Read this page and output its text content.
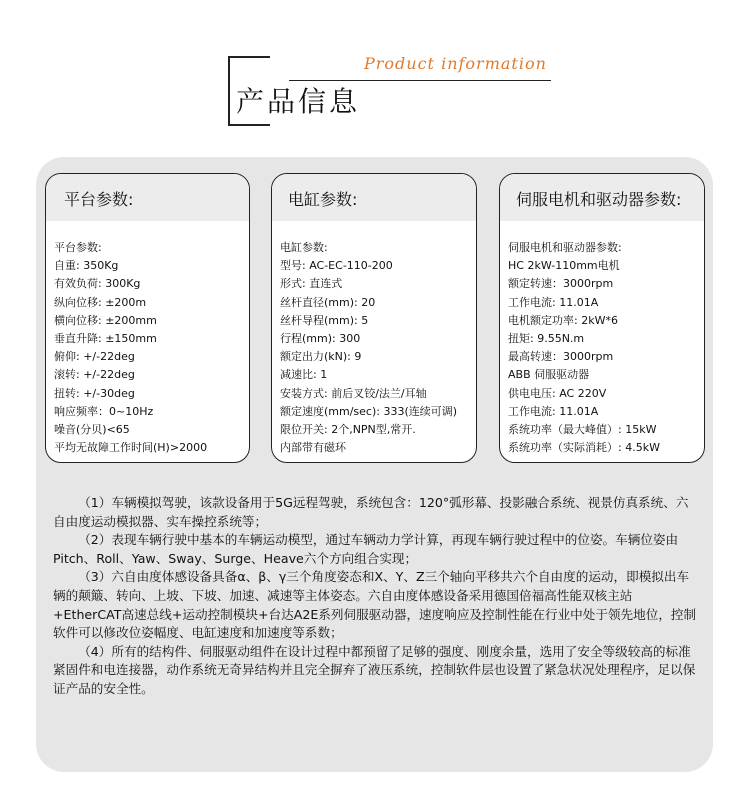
Product information
产品信息
平台参数:
平台参数:
自重: 350Kg
有效负荷: 300Kg
纵向位移: ±200m
横向位移: ±200mm
垂直升降: ±150mm
俯仰: +/-22deg
滚转: +/-22deg
扭转: +/-30deg
响应频率：0~10Hz
噪音(分贝)<65
平均无故障工作时间(H)>2000
电缸参数:
电缸参数:
型号: AC-EC-110-200
形式: 直连式
丝杆直径(mm): 20
丝杆导程(mm): 5
行程(mm): 300
额定出力(kN): 9
减速比: 1
安装方式: 前后叉铰/法兰/耳轴
额定速度(mm/sec): 333(连续可调)
限位开关: 2个,NPN型,常开.
内部带有磁环
伺服电机和驱动器参数:
伺服电机和驱动器参数:
HC 2kW-110mm电机
额定转速：3000rpm
工作电流: 11.01A
电机额定功率: 2kW*6
扭矩: 9.55N.m
最高转速：3000rpm
ABB 伺服驱动器
供电电压: AC 220V
工作电流: 11.01A
系统功率（最大峰值）: 15kW
系统功率（实际消耗）: 4.5kW

（1）车辆模拟驾驶，该款设备用于5G远程驾驶，系统包含：120°弧形幕、投影融合系统、视景仿真系统、六自由度运动模拟器、实车操控系统等；

（2）表现车辆行驶中基本的车辆运动模型，通过车辆动力学计算，再现车辆行驶过程中的位姿。车辆位姿由Pitch、Roll、Yaw、Sway、Surge、Heave六个方向组合实现；

（3）六自由度体感设备具备α、β、γ三个角度姿态和X、Y、Z三个轴向平移共六个自由度的运动，即模拟出车辆的颠簸、转向、上坡、下坡、加速、减速等主体姿态。六自由度体感设备采用德国倍福高性能双核主站+EtherCAT高速总线+运动控制模块+台达A2E系列伺服驱动器，速度响应及控制性能在行业中处于领先地位，控制软件可以修改位姿幅度、电缸速度和加速度等系数；

（4）所有的结构件、伺服驱动组件在设计过程中都预留了足够的强度、刚度余量，选用了安全等级较高的标准紧固件和电连接器，动作系统无奇异结构并且完全摒弃了液压系统，控制软件层也设置了紧急状况处理程序，足以保证产品的安全性。
